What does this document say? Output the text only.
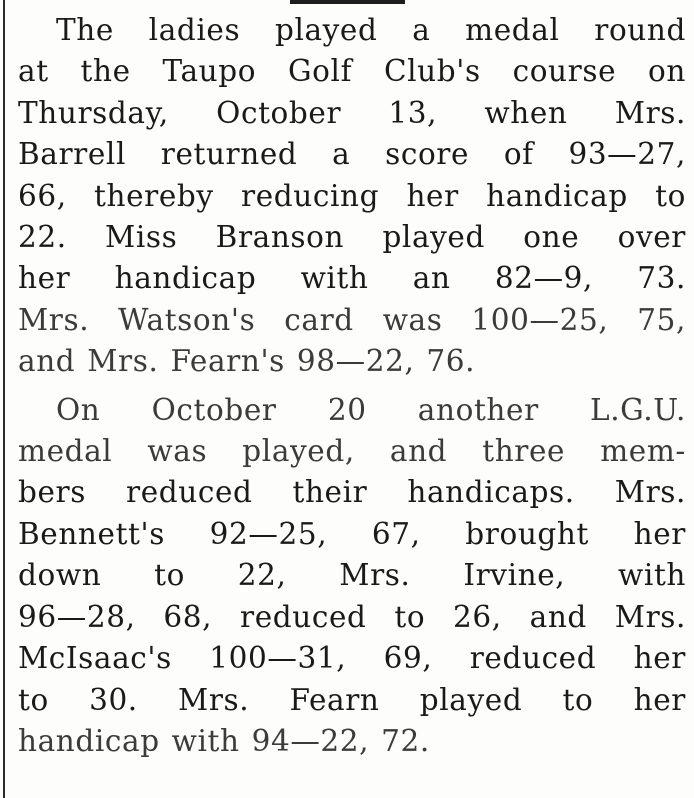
The ladies played a medal round
at the Taupo Golf Club's course on
Thursday, October 13, when Mrs.
Barrell returned a score of 93—27,
66, thereby reducing her handicap to
22. Miss Branson played one over
her handicap with an 82—9, 73.
Mrs. Watson's card was 100—25, 75,
and Mrs. Fearn's 98—22, 76.

On October 20 another L.G.U.
medal was played, and three mem-
bers reduced their handicaps. Mrs.
Bennett's 92—25, 67, brought her
down to 22, Mrs. Irvine, with
96—28, 68, reduced to 26, and Mrs.
McIsaac's 100—31, 69, reduced her
to 30. Mrs. Fearn played to her
handicap with 94—22, 72.
